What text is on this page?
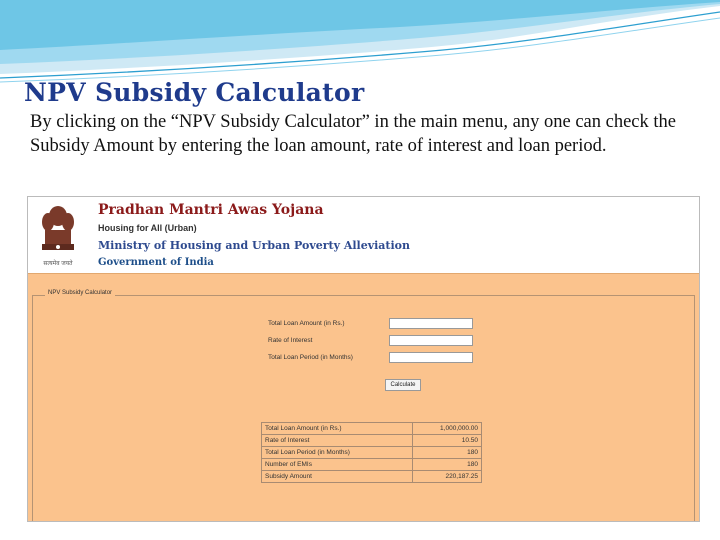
NPV Subsidy Calculator
By clicking on the “NPV Subsidy Calculator” in the main menu, any one can check the Subsidy Amount by entering the loan amount, rate of interest and loan period.
सत्यमेव जयते
Pradhan Mantri Awas Yojana
Housing for All (Urban)
Ministry of Housing and Urban Poverty Alleviation
Government of India
NPV Subsidy Calculator
Total Loan Amount (in Rs.)
Rate of Interest
Total Loan Period (in Months)
Calculate
Total Loan Amount (in Rs.)	1,000,000.00
Rate of Interest	10.50
Total Loan Period (in Months)	180
Number of EMIs	180
Subsidy Amount	220,187.25
